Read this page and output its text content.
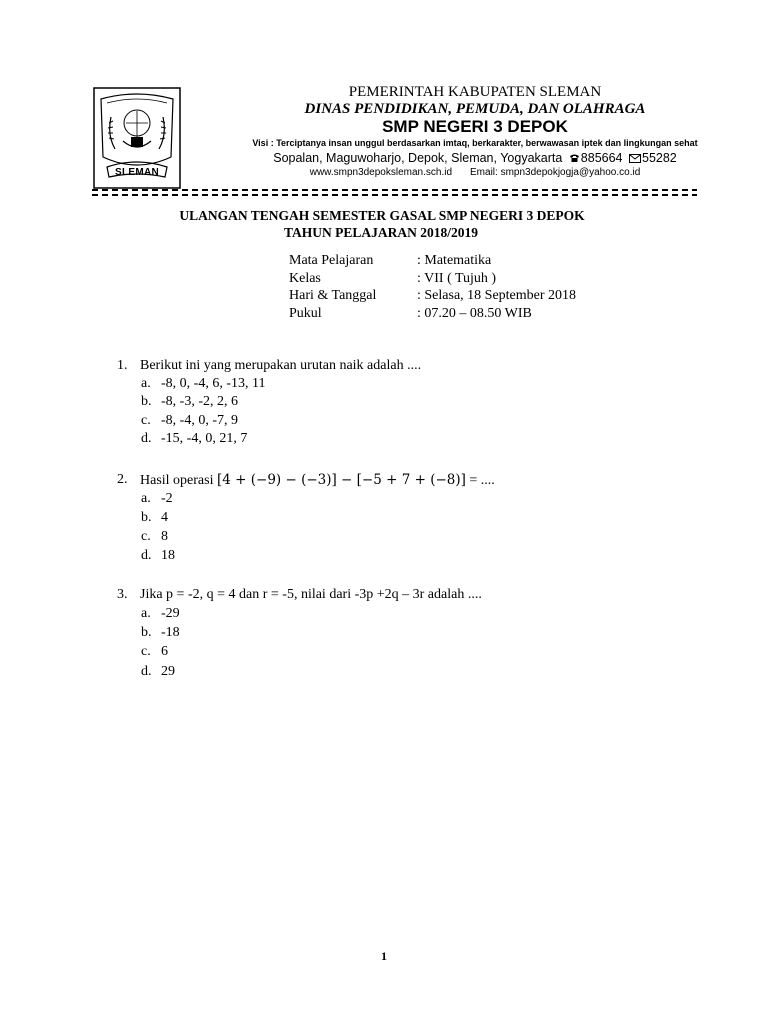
SLEMAN
PEMERINTAH KABUPATEN SLEMAN
DINAS PENDIDIKAN, PEMUDA, DAN OLAHRAGA
SMP NEGERI 3 DEPOK
Visi : Terciptanya insan unggul berdasarkan imtaq, berkarakter, berwawasan iptek dan lingkungan sehat
Sopalan, Maguwoharjo, Depok, Sleman, Yogyakarta 885664 55282
www.smpn3depoksleman.sch.id Email: smpn3depokjogja@yahoo.co.id
ULANGAN TENGAH SEMESTER GASAL SMP NEGERI 3 DEPOK
TAHUN PELAJARAN 2018/2019
Mata Pelajaran	: Matematika
Kelas	: VII ( Tujuh )
Hari & Tanggal	: Selasa, 18 September 2018
Pukul	: 07.20 – 08.50 WIB
1. Berikut ini yang merupakan urutan naik adalah ....
a. -8, 0, -4, 6, -13, 11
b. -8, -3, -2, 2, 6
c. -8, -4, 0, -7, 9
d. -15, -4, 0, 21, 7
2. Hasil operasi [4 + (−9) − (−3)] − [−5 + 7 + (−8)] = ....
a. -2
b. 4
c. 8
d. 18
3. Jika p = -2, q = 4 dan r = -5, nilai dari -3p +2q – 3r adalah ....
a. -29
b. -18
c. 6
d. 29
1
